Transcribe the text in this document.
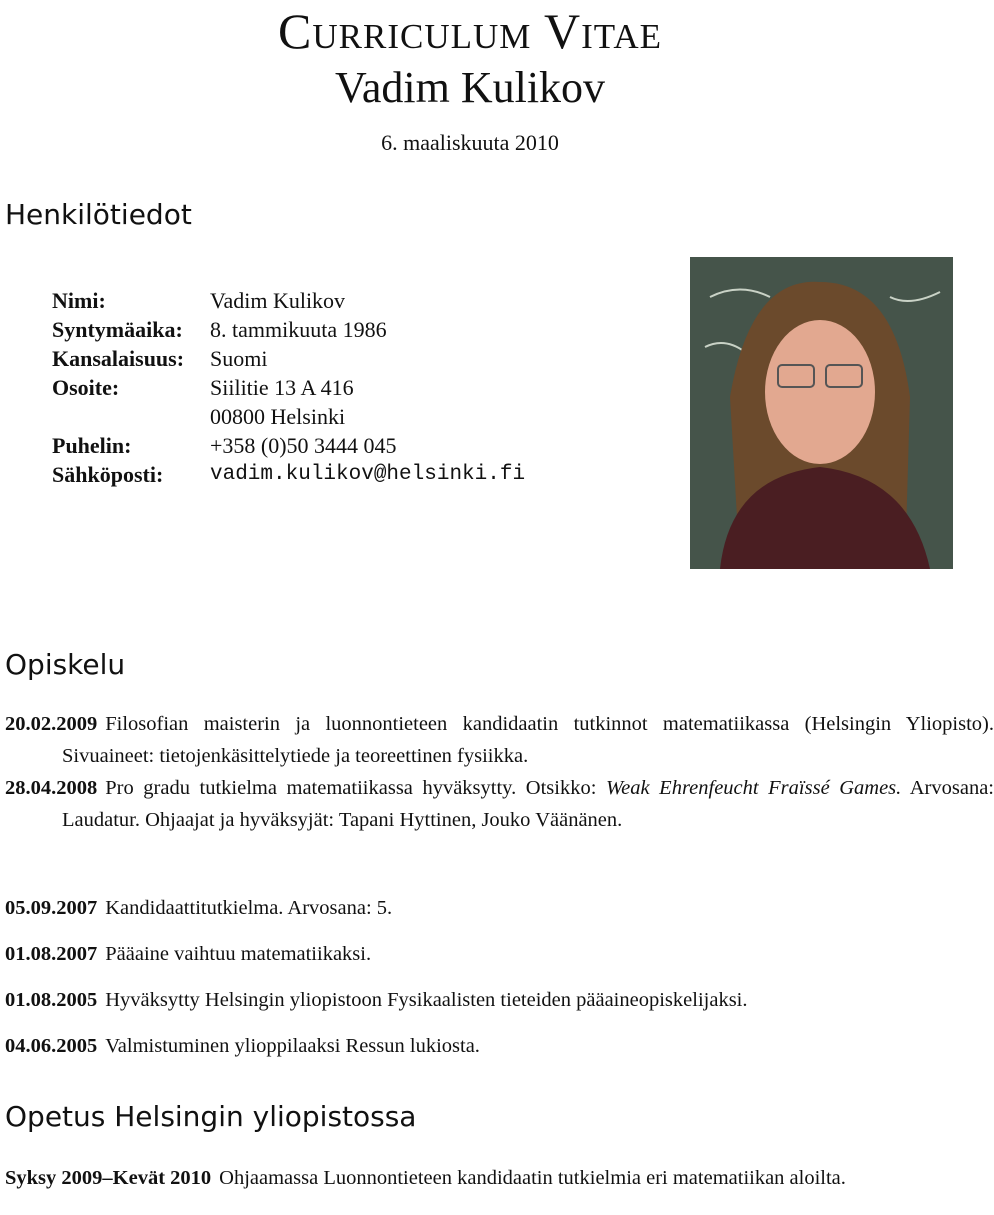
Curriculum Vitae
Vadim Kulikov
6. maaliskuuta 2010
Henkilötiedot
Nimi:	Vadim Kulikov
Syntymäaika:	8. tammikuuta 1986
Kansalaisuus:	Suomi
Osoite:	Siilitie 13 A 416
00800 Helsinki
Puhelin:	+358 (0)50 3444 045
Sähköposti:	vadim.kulikov@helsinki.fi
Opiskelu
20.02.2009 Filosofian maisterin ja luonnontieteen kandidaatin tutkinnot matematiikassa (Helsingin Yliopisto). Sivuaineet: tietojenkäsittelytiede ja teoreettinen fysiikka.
28.04.2008 Pro gradu tutkielma matematiikassa hyväksytty. Otsikko: Weak Ehrenfeucht Fraïssé Games. Arvosana: Laudatur. Ohjaajat ja hyväksyjät: Tapani Hyttinen, Jouko Väänänen.
05.09.2007 Kandidaattitutkielma. Arvosana: 5.
01.08.2007 Pääaine vaihtuu matematiikaksi.
01.08.2005 Hyväksytty Helsingin yliopistoon Fysikaalisten tieteiden pääaineopiskelijaksi.
04.06.2005 Valmistuminen ylioppilaaksi Ressun lukiosta.
Opetus Helsingin yliopistossa
Syksy 2009–Kevät 2010 Ohjaamassa Luonnontieteen kandidaatin tutkielmia eri matematiikan aloilta.
